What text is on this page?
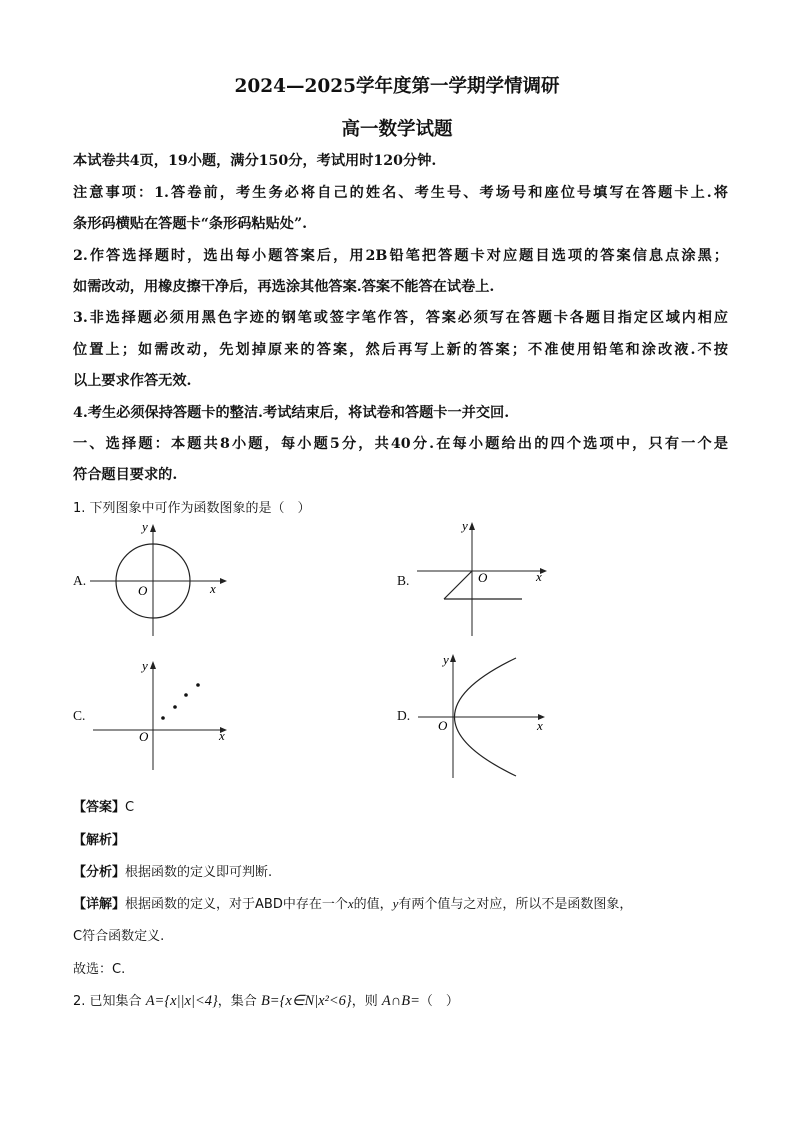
2024—2025学年度第一学期学情调研
高一数学试题
本试卷共4页，19小题，满分150分，考试用时120分钟.
注意事项：1.答卷前，考生务必将自己的姓名、考生号、考场号和座位号填写在答题卡上.将
条形码横贴在答题卡“条形码粘贴处”.
2.作答选择题时，选出每小题答案后，用2B铅笔把答题卡对应题目选项的答案信息点涂黑；
如需改动，用橡皮擦干净后，再选涂其他答案.答案不能答在试卷上.
3.非选择题必须用黑色字迹的钢笔或签字笔作答，答案必须写在答题卡各题目指定区域内相应
位置上；如需改动，先划掉原来的答案，然后再写上新的答案；不准使用铅笔和涂改液.不按
以上要求作答无效.
4.考生必须保持答题卡的整洁.考试结束后，将试卷和答题卡一并交回.
一、选择题：本题共8小题，每小题5分，共40分.在每小题给出的四个选项中，只有一个是
符合题目要求的.
1. 下列图象中可作为函数图象的是（　）
A.
y
x
O
B.
y
x
O
C.
y
x
O
D.
y
x
O
【答案】C
【解析】
【分析】根据函数的定义即可判断.
【详解】根据函数的定义，对于ABD中存在一个x的值，y有两个值与之对应，所以不是函数图象，
C符合函数定义.
故选：C.
2. 已知集合 A={x||x|<4}，集合 B={x∈N|x²<6}，则 A∩B=（　）
